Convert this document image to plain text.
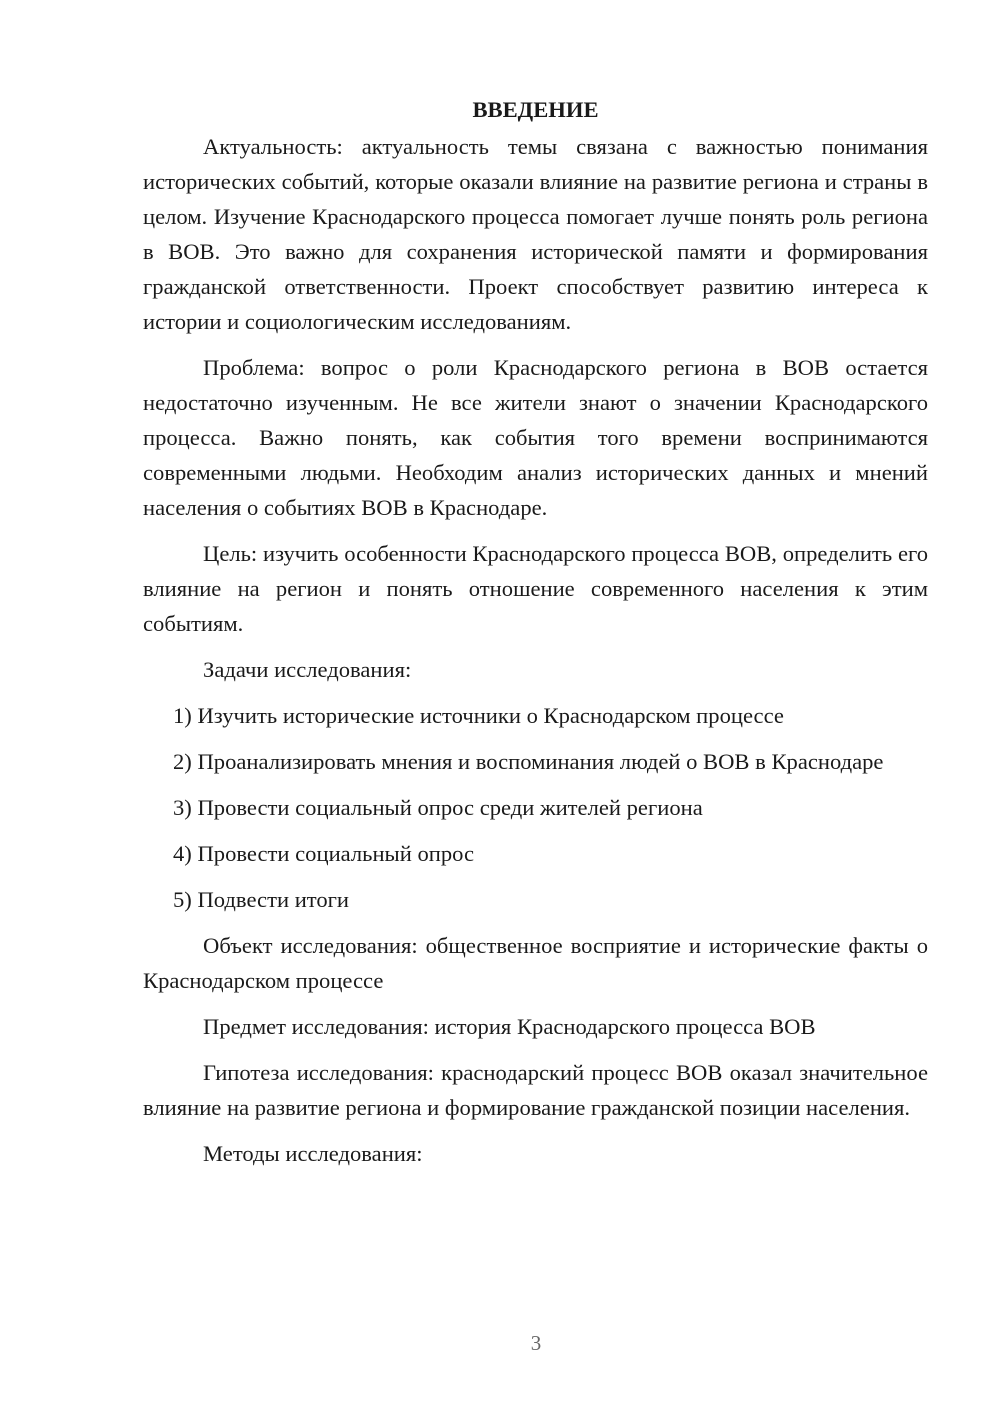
ВВЕДЕНИЕ

Актуальность: актуальность темы связана с важностью понимания исторических событий, которые оказали влияние на развитие региона и страны в целом. Изучение Краснодарского процесса помогает лучше понять роль региона в ВОВ. Это важно для сохранения исторической памяти и формирования гражданской ответственности. Проект способствует развитию интереса к истории и социологическим исследованиям.

Проблема: вопрос о роли Краснодарского региона в ВОВ остается недостаточно изученным. Не все жители знают о значении Краснодарского процесса. Важно понять, как события того времени воспринимаются современными людьми. Необходим анализ исторических данных и мнений населения о событиях ВОВ в Краснодаре.

Цель: изучить особенности Краснодарского процесса ВОВ, определить его влияние на регион и понять отношение современного населения к этим событиям.

Задачи исследования:

1) Изучить исторические источники о Краснодарском процессе

2) Проанализировать мнения и воспоминания людей о ВОВ в Краснодаре

3) Провести социальный опрос среди жителей региона

4) Провести социальный опрос

5) Подвести итоги

Объект исследования: общественное восприятие и исторические факты о Краснодарском процессе

Предмет исследования: история Краснодарского процесса ВОВ

Гипотеза исследования: краснодарский процесс ВОВ оказал значительное влияние на развитие региона и формирование гражданской позиции населения.

Методы исследования:

3
